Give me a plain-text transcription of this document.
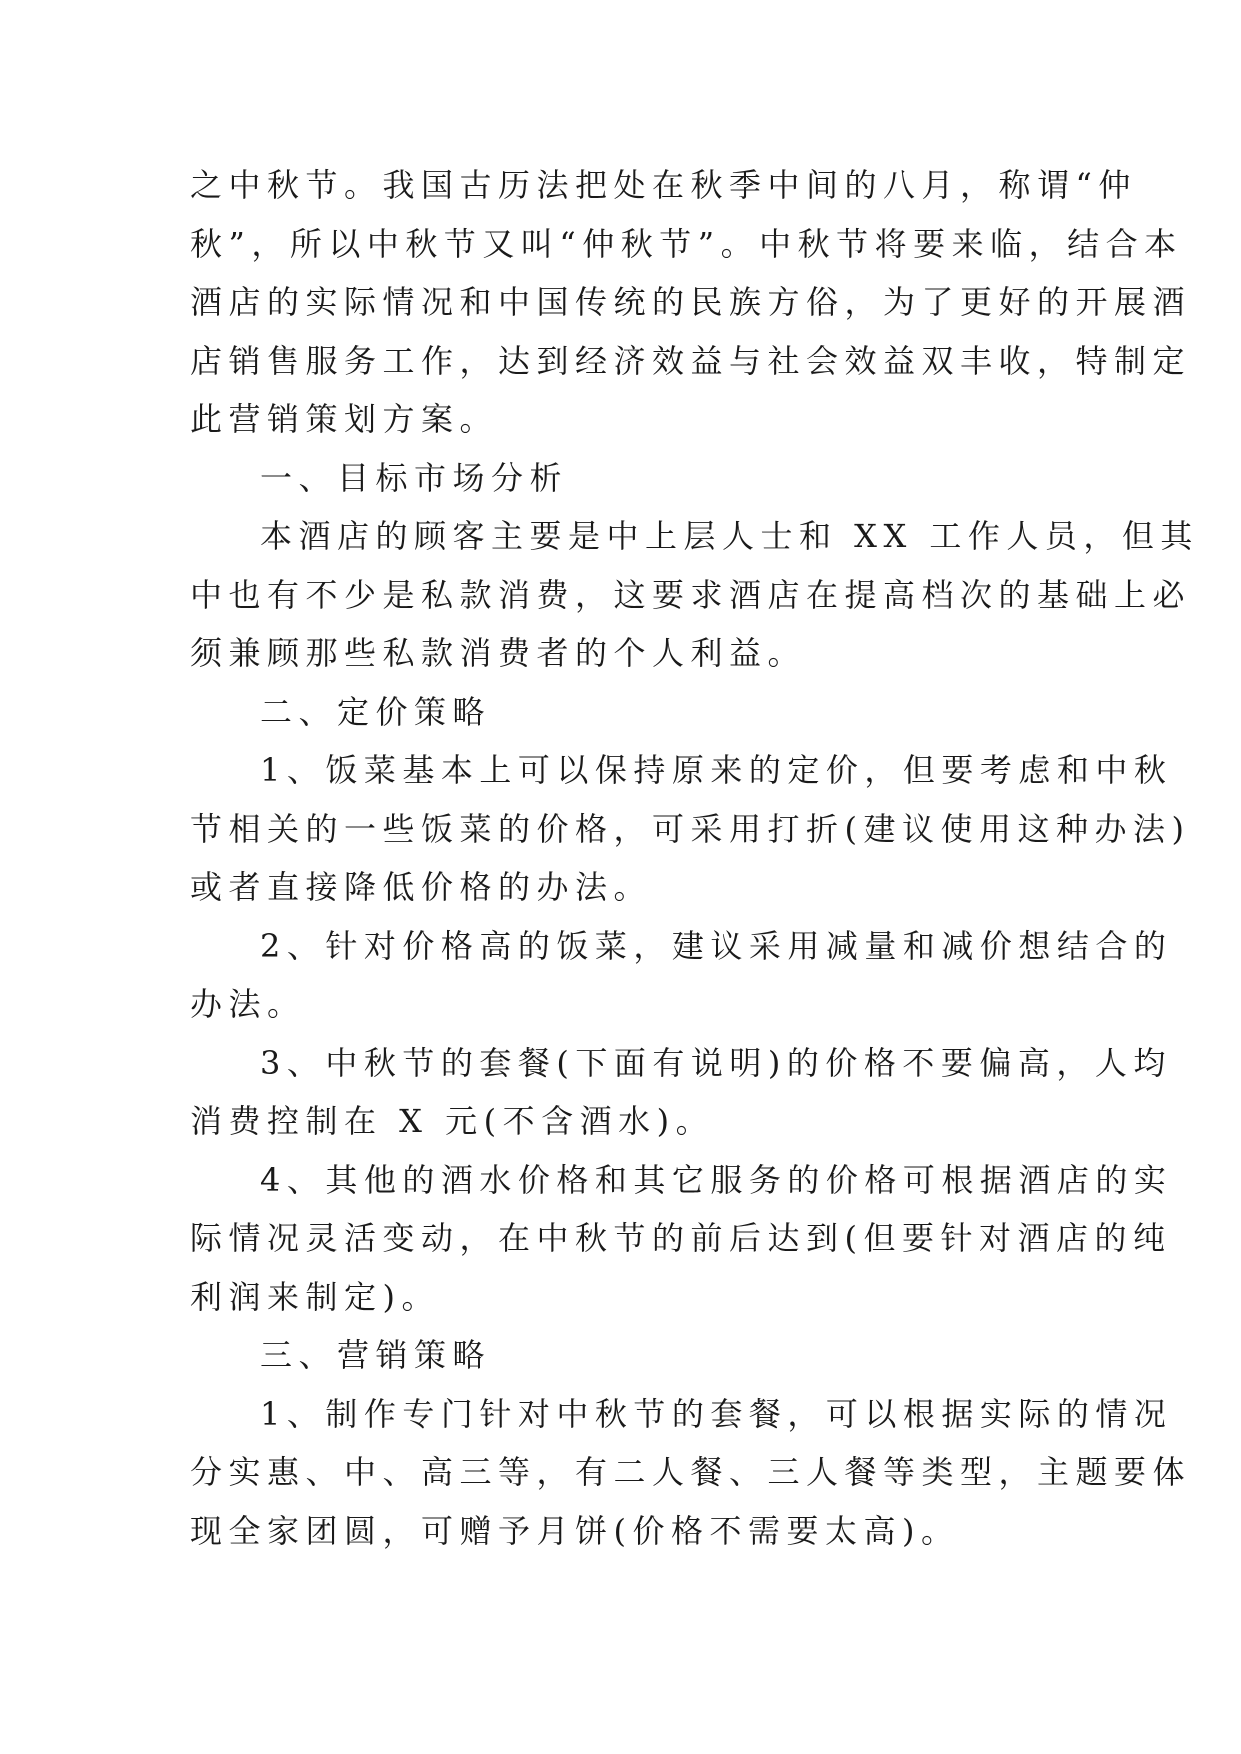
之中秋节。我国古历法把处在秋季中间的八月，称谓“仲
秋”，所以中秋节又叫“仲秋节”。中秋节将要来临，结合本
酒店的实际情况和中国传统的民族方俗，为了更好的开展酒
店销售服务工作，达到经济效益与社会效益双丰收，特制定
此营销策划方案。
一、目标市场分析
本酒店的顾客主要是中上层人士和 XX 工作人员，但其
中也有不少是私款消费，这要求酒店在提高档次的基础上必
须兼顾那些私款消费者的个人利益。
二、定价策略
1、饭菜基本上可以保持原来的定价，但要考虑和中秋
节相关的一些饭菜的价格，可采用打折(建议使用这种办法)
或者直接降低价格的办法。
2、针对价格高的饭菜，建议采用减量和减价想结合的
办法。
3、中秋节的套餐(下面有说明)的价格不要偏高，人均
消费控制在 X 元(不含酒水)。
4、其他的酒水价格和其它服务的价格可根据酒店的实
际情况灵活变动，在中秋节的前后达到(但要针对酒店的纯
利润来制定)。
三、营销策略
1、制作专门针对中秋节的套餐，可以根据实际的情况
分实惠、中、高三等，有二人餐、三人餐等类型，主题要体
现全家团圆，可赠予月饼(价格不需要太高)。
